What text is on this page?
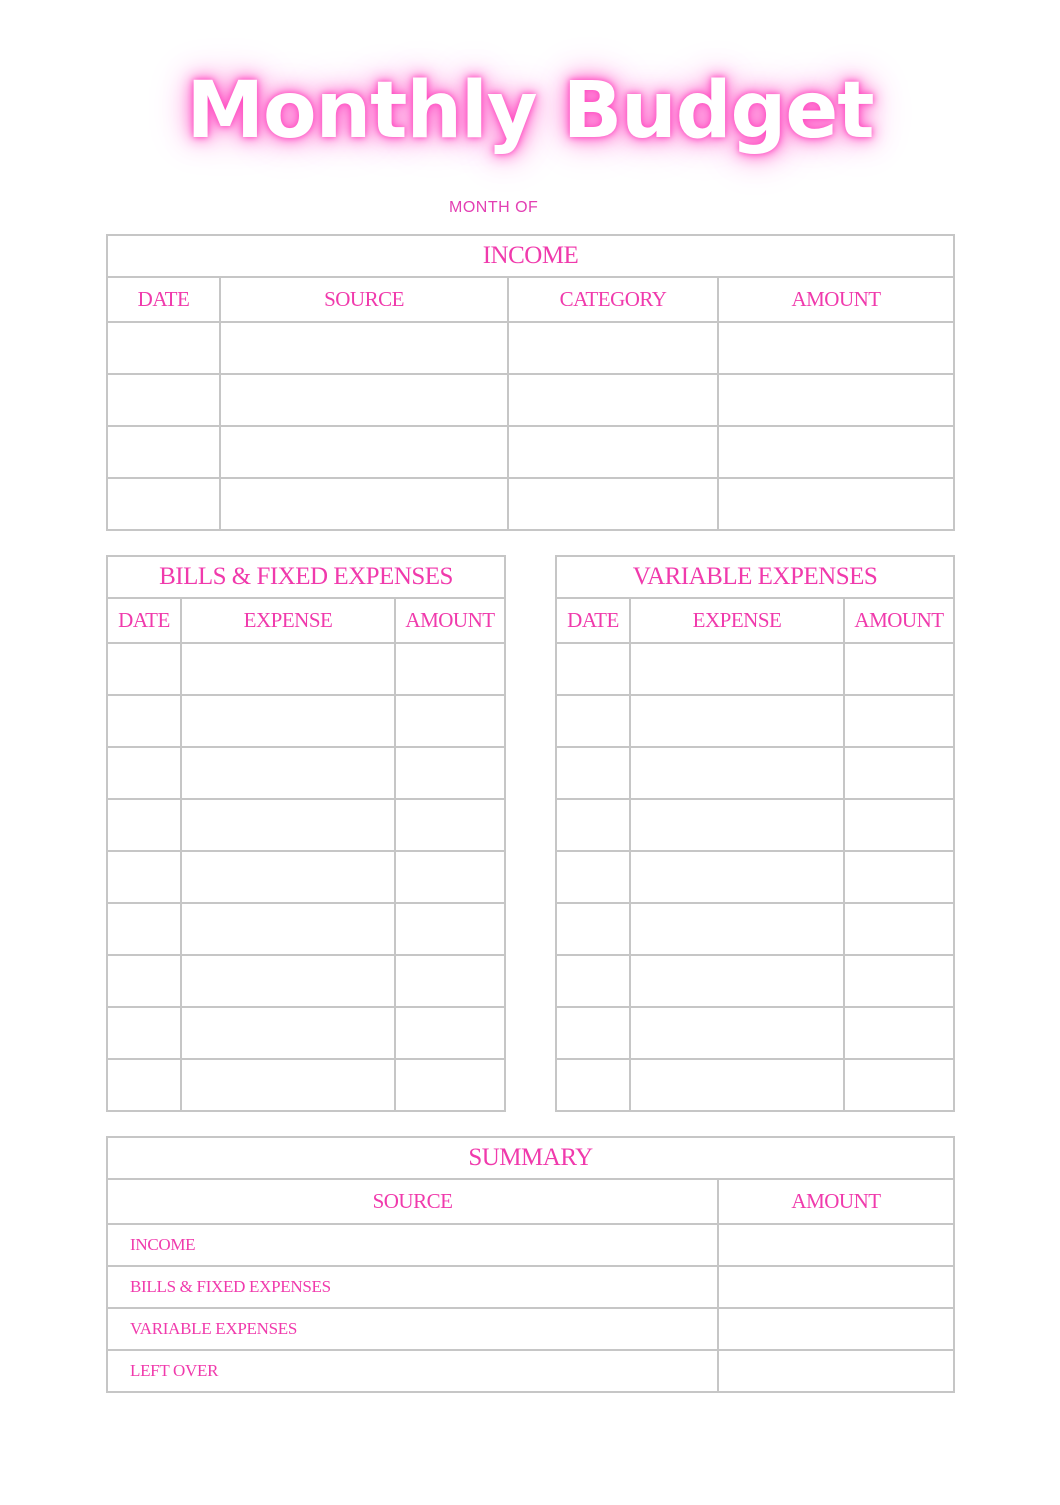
Monthly Budget
MONTH OF
INCOME			
DATE	SOURCE	CATEGORY	AMOUNT

BILLS & FIXED EXPENSES		
DATE	EXPENSE	AMOUNT

VARIABLE EXPENSES		
DATE	EXPENSE	AMOUNT

SUMMARY	
SOURCE	AMOUNT
INCOME	
BILLS & FIXED EXPENSES	
VARIABLE EXPENSES	
LEFT OVER	
